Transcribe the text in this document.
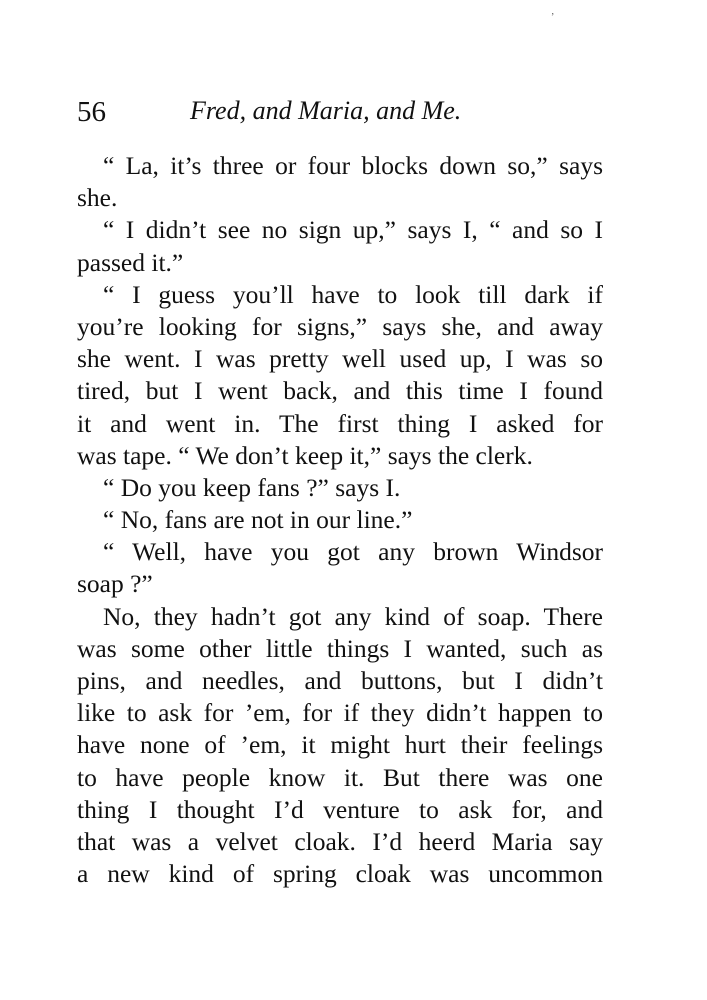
ʼ
56	Fred, and Maria, and Me.
“ La, it’s three or four blocks down so,” says
she.
“ I didn’t see no sign up,” says I, “ and so I
passed it.”
“ I guess you’ll have to look till dark if
you’re looking for signs,” says she, and away
she went. I was pretty well used up, I was so
tired, but I went back, and this time I found
it and went in. The first thing I asked for
was tape. “ We don’t keep it,” says the clerk.
“ Do you keep fans ?” says I.
“ No, fans are not in our line.”
“ Well, have you got any brown Windsor
soap ?”
No, they hadn’t got any kind of soap. There
was some other little things I wanted, such as
pins, and needles, and buttons, but I didn’t
like to ask for ’em, for if they didn’t happen to
have none of ’em, it might hurt their feelings
to have people know it. But there was one
thing I thought I’d venture to ask for, and
that was a velvet cloak. I’d heerd Maria say
a new kind of spring cloak was uncommon
